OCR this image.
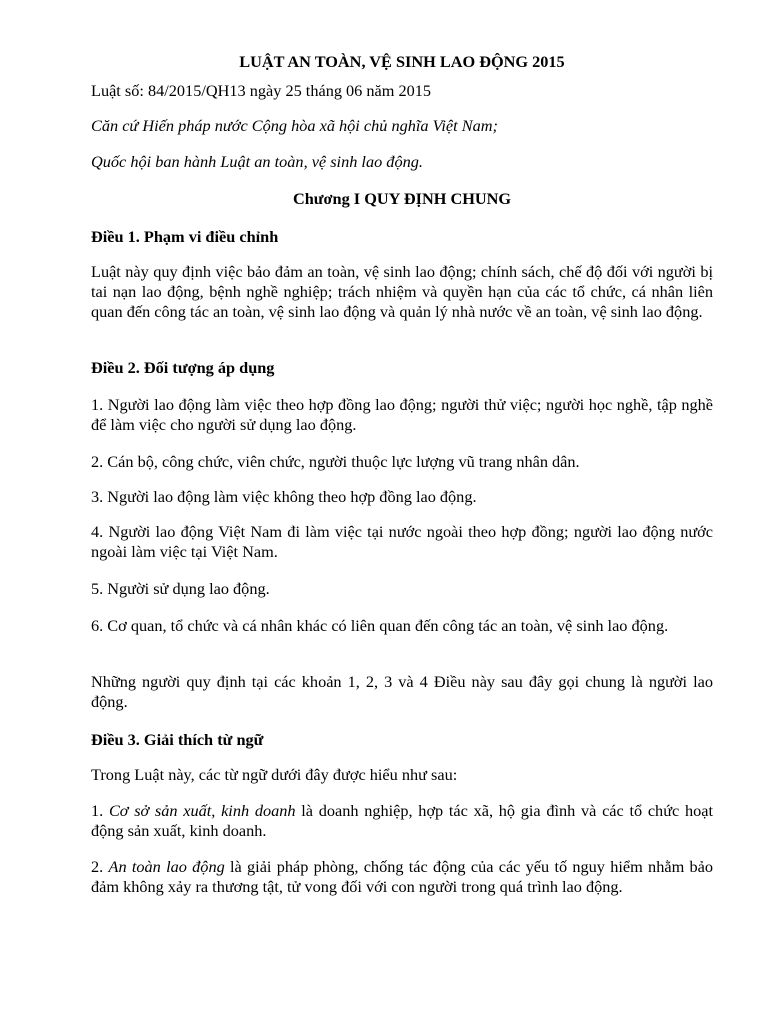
LUẬT AN TOÀN, VỆ SINH LAO ĐỘNG 2015
Luật số: 84/2015/QH13 ngày 25 tháng 06 năm 2015
Căn cứ Hiến pháp nước Cộng hòa xã hội chủ nghĩa Việt Nam;
Quốc hội ban hành Luật an toàn, vệ sinh lao động.
Chương I QUY ĐỊNH CHUNG
Điều 1. Phạm vi điều chỉnh
Luật này quy định việc bảo đảm an toàn, vệ sinh lao động; chính sách, chế độ đối với người bị tai nạn lao động, bệnh nghề nghiệp; trách nhiệm và quyền hạn của các tổ chức, cá nhân liên quan đến công tác an toàn, vệ sinh lao động và quản lý nhà nước về an toàn, vệ sinh lao động.
Điều 2. Đối tượng áp dụng
1. Người lao động làm việc theo hợp đồng lao động; người thử việc; người học nghề, tập nghề để làm việc cho người sử dụng lao động.
2. Cán bộ, công chức, viên chức, người thuộc lực lượng vũ trang nhân dân.
3. Người lao động làm việc không theo hợp đồng lao động.
4. Người lao động Việt Nam đi làm việc tại nước ngoài theo hợp đồng; người lao động nước ngoài làm việc tại Việt Nam.
5. Người sử dụng lao động.
6. Cơ quan, tổ chức và cá nhân khác có liên quan đến công tác an toàn, vệ sinh lao động.
Những người quy định tại các khoản 1, 2, 3 và 4 Điều này sau đây gọi chung là người lao động.
Điều 3. Giải thích từ ngữ
Trong Luật này, các từ ngữ dưới đây được hiểu như sau:
1. Cơ sở sản xuất, kinh doanh là doanh nghiệp, hợp tác xã, hộ gia đình và các tổ chức hoạt động sản xuất, kinh doanh.
2. An toàn lao động là giải pháp phòng, chống tác động của các yếu tố nguy hiểm nhằm bảo đảm không xảy ra thương tật, tử vong đối với con người trong quá trình lao động.
